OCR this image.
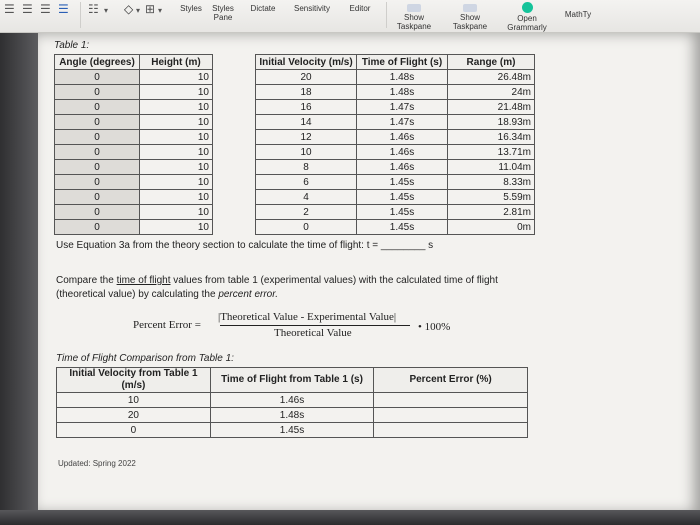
☰ ☰ ☰ ☰ ☷ ▾ ◇ ▾ ⊞ ▾ Styles	Styles Pane
Dictate	Sensitivity	Editor
Show Taskpane
Show Taskpane
Open Grammarly
MathTy
Table 1:
Angle (degrees)	Height (m)		Initial Velocity (m/s)	Time of Flight (s)	Range (m)
0	10		20	1.48s	26.48m
0	10		18	1.48s	24m
0	10		16	1.47s	21.48m
0	10		14	1.47s	18.93m
0	10		12	1.46s	16.34m
0	10		10	1.46s	13.71m
0	10		8	1.46s	11.04m
0	10		6	1.45s	8.33m
0	10		4	1.45s	5.59m
0	10		2	1.45s	2.81m
0	10		0	1.45s	0m
Use Equation 3a from the theory section to calculate the time of flight: t = ________ s
Compare the time of flight values from table 1 (experimental values) with the calculated time of flight
(theoretical value) by calculating the percent error.
Percent Error =
|Theoretical Value - Experimental Value|
Theoretical Value	• 100%
Time of Flight Comparison from Table 1:
Initial Velocity from Table 1 (m/s)	Time of Flight from Table 1 (s)	Percent Error (%)
10	1.46s	
20	1.48s	
0	1.45s	
Updated: Spring 2022
